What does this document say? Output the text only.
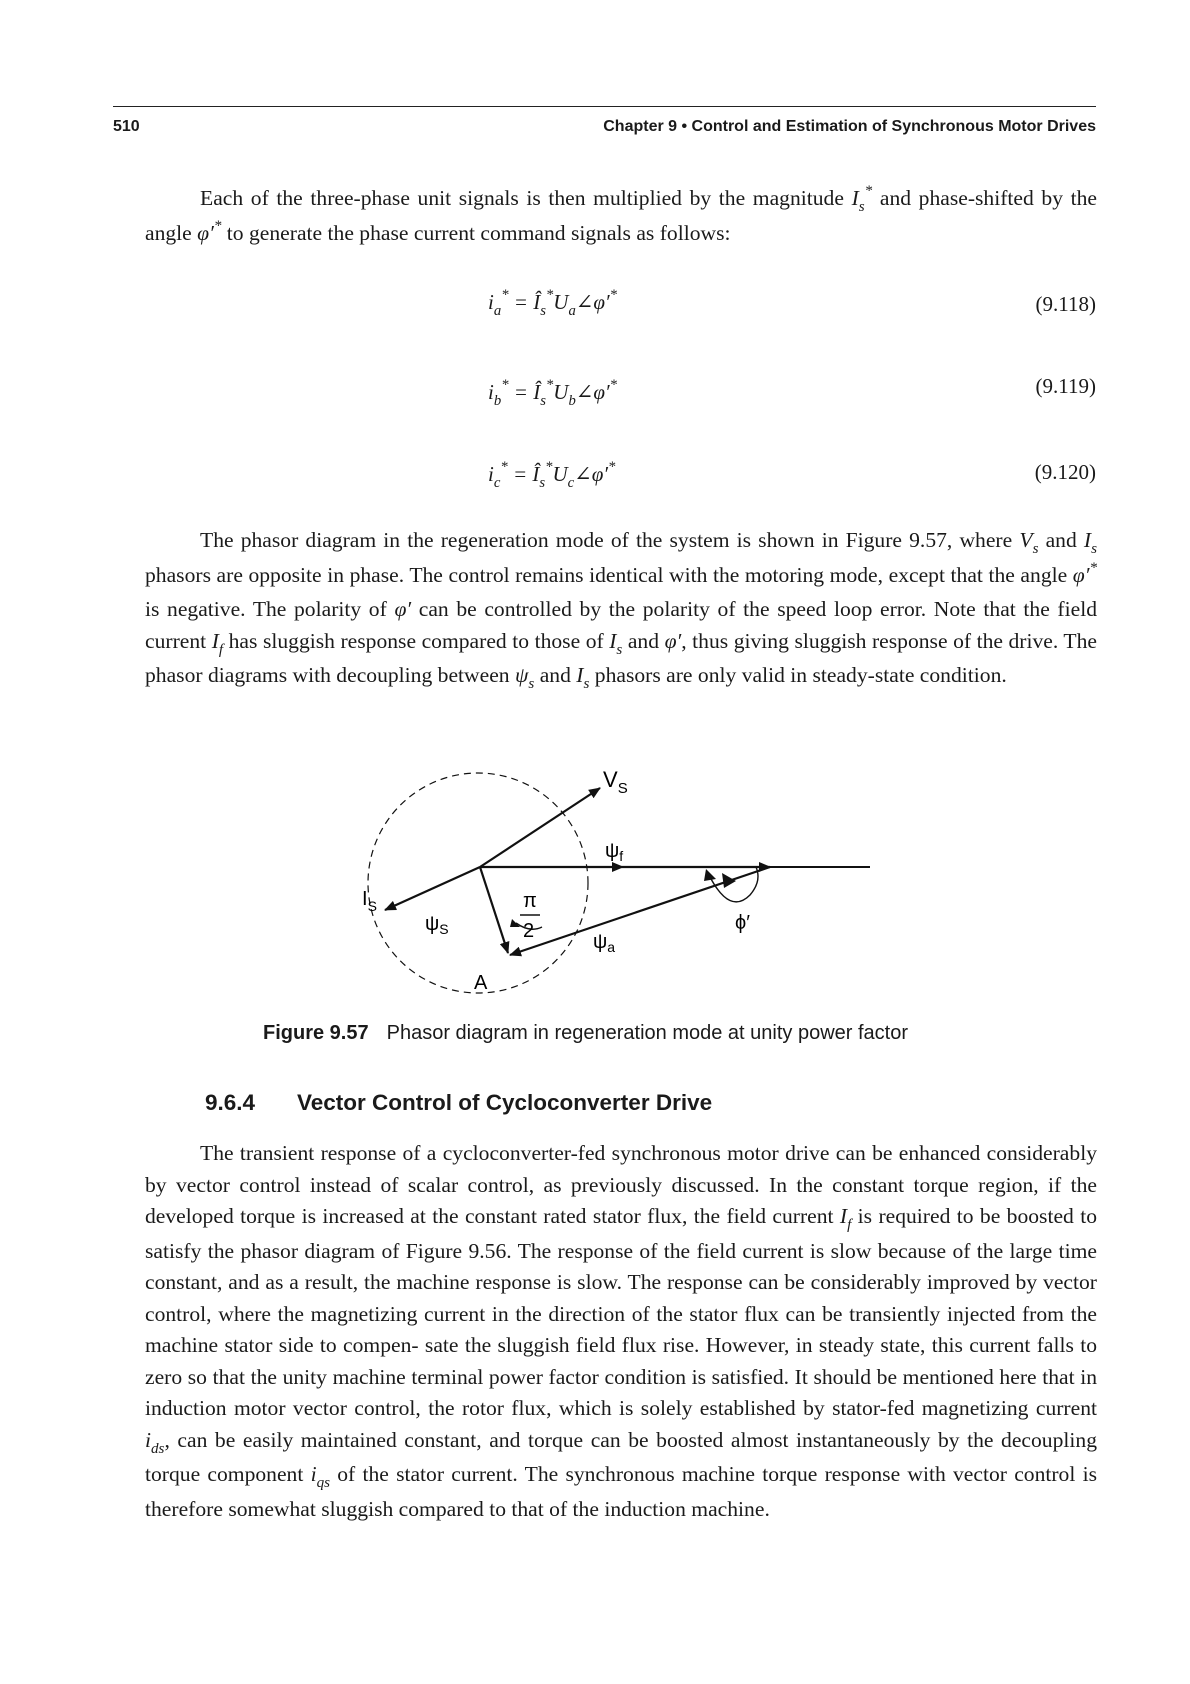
510	Chapter 9 • Control and Estimation of Synchronous Motor Drives

Each of the three-phase unit signals is then multiplied by the magnitude $I_s^*$ and phase-shifted by the angle φ′* to generate the phase current command signals as follows:

$i_a^*$ = $Î_s^*U_a\angle\varphi'^*$	(9.118)
$i_b^*$ = $Î_s^*U_b\angle\varphi'^*$	(9.119)
$i_c^*$ = $Î_s^*U_c\angle\varphi'^*$	(9.120)

The phasor diagram in the regeneration mode of the system is shown in Figure 9.57, where $V_s$ and $I_s$ phasors are opposite in phase. The control remains identical with the motoring mode, except that the angle φ′* is negative. The polarity of φ′ can be controlled by the polarity of the speed loop error. Note that the field current $I_f$ has sluggish response compared to those of $I_s$ and φ′, thus giving sluggish response of the drive. The phasor diagrams with decoupling between $\psi_s$ and $I_s$ phasors are only valid in steady-state condition.

$V_S$
$\psi_f$
$I_S$
$\psi_S$
π
2	$\psi_a$
ϕ′
A
Figure 9.57 Phasor diagram in regeneration mode at unity power factor
9.6.4 Vector Control of Cycloconverter Drive

The transient response of a cycloconverter-fed synchronous motor drive can be enhanced considerably by vector control instead of scalar control, as previously discussed. In the constant torque region, if the developed torque is increased at the constant rated stator flux, the field current $I_f$ is required to be boosted to satisfy the phasor diagram of Figure 9.56. The response of the field current is slow because of the large time constant, and as a result, the machine response is slow. The response can be considerably improved by vector control, where the magnetizing current in the direction of the stator flux can be transiently injected from the machine stator side to compen- sate the sluggish field flux rise. However, in steady state, this current falls to zero so that the unity machine terminal power factor condition is satisfied. It should be mentioned here that in induction motor vector control, the rotor flux, which is solely established by stator-fed magnetizing current $i_{ds}$, can be easily maintained constant, and torque can be boosted almost instantaneously by the decoupling torque component $i_{qs}$ of the stator current. The synchronous machine torque response with vector control is therefore somewhat sluggish compared to that of the induction machine.
